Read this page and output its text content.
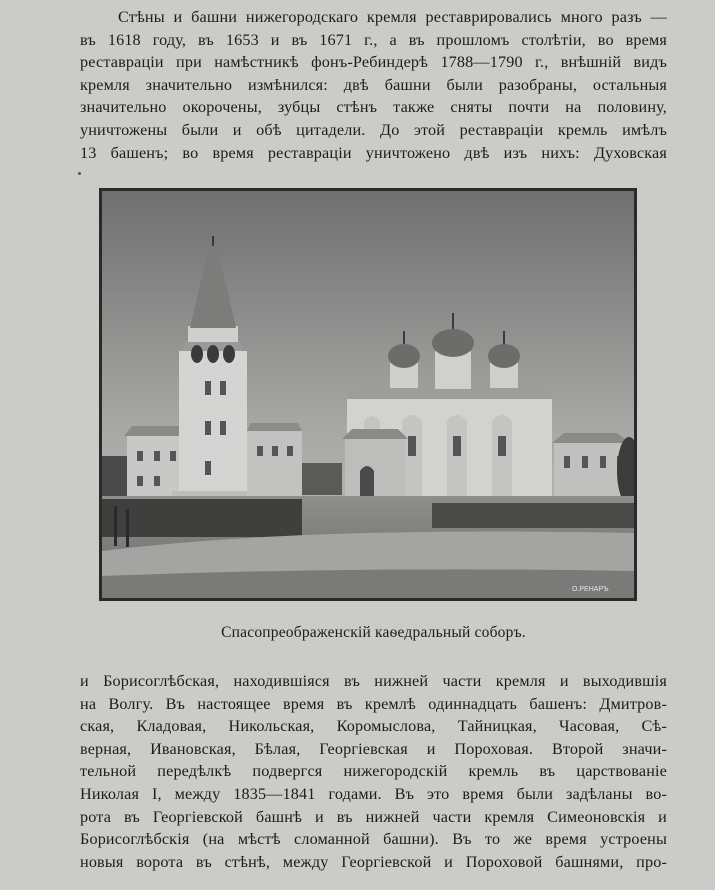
Стѣны и башни нижегородскаго кремля реставрировались много разъ —
въ 1618 году, въ 1653 и въ 1671 г., а въ прошломъ столѣтіи, во время
реставраціи при намѣстникѣ фонъ-Ребиндерѣ 1788—1790 г., внѣшній видъ
кремля значительно измѣнился: двѣ башни были разобраны, остальныя
значительно окорочены, зубцы стѣнъ также сняты почти на половину,
уничтожены были и обѣ цитадели. До этой реставраціи кремль имѣлъ
13 башенъ; во время реставраціи уничтожено двѣ изъ нихъ: Духовская
О.РЕНАРЪ
Спасопреображенскій каѳедральный соборъ.
и Борисоглѣбская, находившіяся въ нижней части кремля и выходившія
на Волгу. Въ настоящее время въ кремлѣ одиннадцать башенъ: Дмитров-
ская, Кладовая, Никольская, Коромыслова, Тайницкая, Часовая, Сѣ-
верная, Ивановская, Бѣлая, Георгіевская и Пороховая. Второй значи-
тельной передѣлкѣ подвергся нижегородскій кремль въ царствованіе
Николая I, между 1835—1841 годами. Въ это время были задѣланы во-
рота въ Георгіевской башнѣ и въ нижней части кремля Симеоновскія и
Борисоглѣбскія (на мѣстѣ сломанной башни). Въ то же время устроены
новыя ворота въ стѣнѣ, между Георгіевской и Пороховой башнями, про-
